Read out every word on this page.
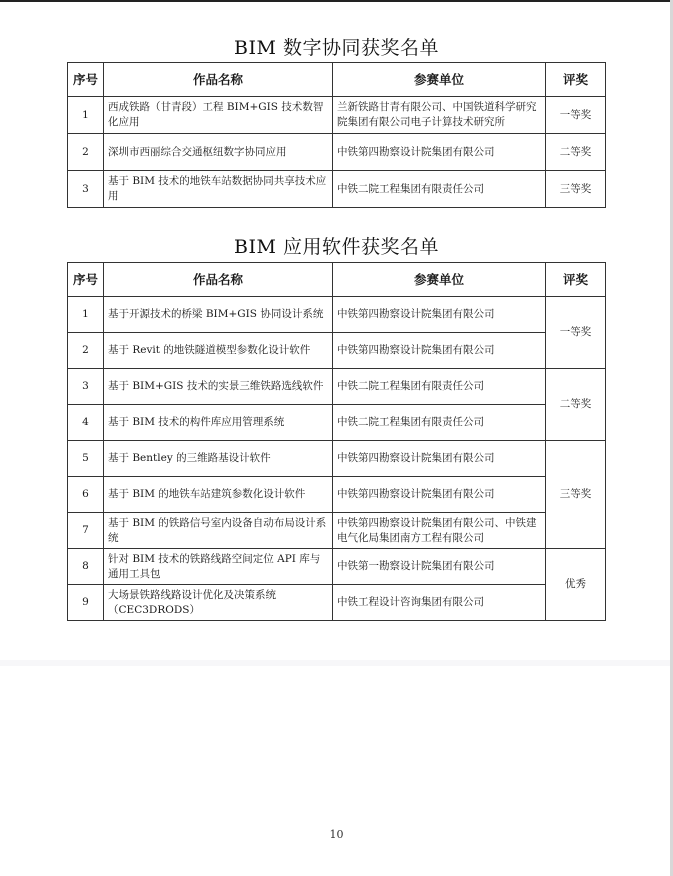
BIM 数字协同获奖名单
序号	作品名称	参赛单位	评奖
1	西成铁路（甘青段）工程 BIM+GIS 技术数智化应用	兰新铁路甘青有限公司、中国铁道科学研究院集团有限公司电子计算技术研究所	一等奖
2	深圳市西丽综合交通枢纽数字协同应用	中铁第四勘察设计院集团有限公司	二等奖
3	基于 BIM 技术的地铁车站数据协同共享技术应用	中铁二院工程集团有限责任公司	三等奖
BIM 应用软件获奖名单
序号	作品名称	参赛单位	评奖
1	基于开源技术的桥梁 BIM+GIS 协同设计系统	中铁第四勘察设计院集团有限公司	一等奖
2	基于 Revit 的地铁隧道模型参数化设计软件	中铁第四勘察设计院集团有限公司	
3	基于 BIM+GIS 技术的实景三维铁路选线软件	中铁二院工程集团有限责任公司	二等奖
4	基于 BIM 技术的构件库应用管理系统	中铁二院工程集团有限责任公司	
5	基于 Bentley 的三维路基设计软件	中铁第四勘察设计院集团有限公司	三等奖
6	基于 BIM 的地铁车站建筑参数化设计软件	中铁第四勘察设计院集团有限公司	
7	基于 BIM 的铁路信号室内设备自动布局设计系统	中铁第四勘察设计院集团有限公司、中铁建电气化局集团南方工程有限公司	
8	针对 BIM 技术的铁路线路空间定位 API 库与通用工具包	中铁第一勘察设计院集团有限公司	优秀
9	大场景铁路线路设计优化及决策系统（CEC3DRODS）	中铁工程设计咨询集团有限公司	
10
